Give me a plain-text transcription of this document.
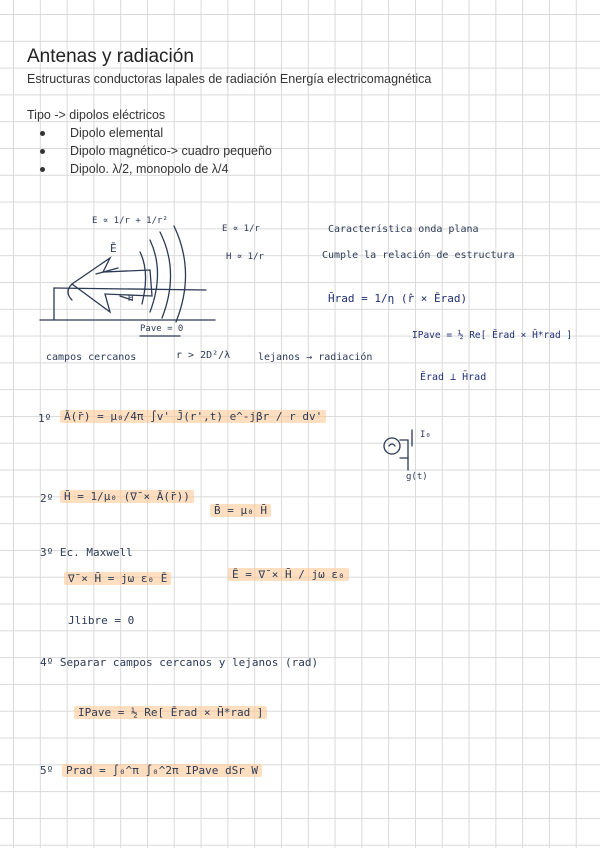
Antenas y radiación
Estructuras conductoras lapales de radiación Energía electricomagnética
Tipo -> dipolos eléctricos
Dipolo elemental
Dipolo magnético-> cuadro pequeño
Dipolo. λ/2, monopolo de λ/4
E ∝ 1/r + 1/r²
Ē
H
E ∝ 1/r
H ∝ 1/r
Pave = 0
Característica onda plana
Cumple la relación de estructura
H̄rad = 1/η (r̂ × Ērad)
IPave = ½ Re[ Ērad × H̄*rad ]
Ērad ⊥ H̄rad
campos cercanos	r > 2D²/λ	lejanos → radiación
1º	Ā(r̄) = μ₀/4π ∫v' J̄(r',t) e^-jβr / r dv'
I₀
g(t)
2º H̄ = 1/μ₀ (∇̄ × Ā(r̄))
B̄ = μ₀ H̄
3º Ec. Maxwell
∇̄ × H̄ = jω ε₀ Ē	Ē = ∇̄ × H̄ / jω ε₀
Jlibre = 0
4º Separar campos cercanos y lejanos (rad)
IPave = ½ Re[ Ērad × H̄*rad ]
5º	Prad = ∫₀^π ∫₀^2π IPave dSr W
